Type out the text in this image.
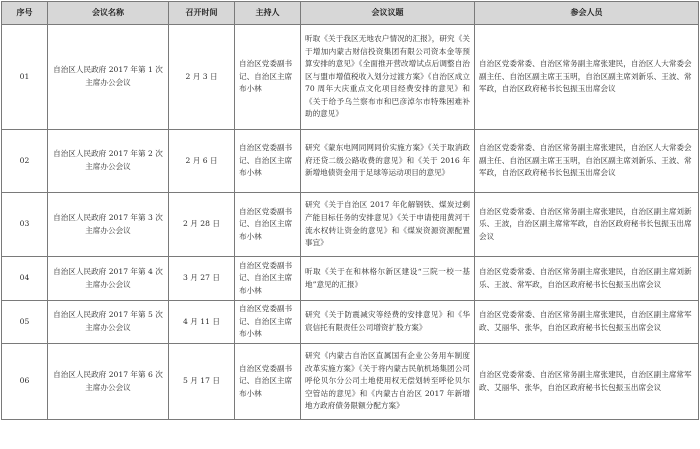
序号	会议名称	召开时间	主持人	会议议题	参会人员
01	自治区人民政府 2017 年第 1 次主席办公会议	2 月 3 日	自治区党委副书记、自治区主席布小林	听取《关于我区无地农户情况的汇报》，研究《关于增加内蒙古财信投资集团有限公司资本金等预算安排的意见》《全面推开营改增试点后调整自治区与盟市增值税收入划分过渡方案》《自治区成立 70 周年大庆重点文化项目经费安排的意见》和《关于给予乌兰察布市和巴彦淖尔市特殊困难补助的意见》	自治区党委常委、自治区常务副主席张建民，自治区人大常委会副主任、自治区副主席王玉明，自治区副主席刘新乐、王波、常军政，自治区政府秘书长包振玉出席会议
02	自治区人民政府 2017 年第 2 次主席办公会议	2 月 6 日	自治区党委副书记、自治区主席布小林	研究《蒙东电网同网同价实施方案》《关于取消政府还贷二级公路收费的意见》和《关于 2016 年新增地债资金用于足球等运动项目的意见》	自治区党委常委、自治区常务副主席张建民，自治区人大常委会副主任、自治区副主席王玉明，自治区副主席刘新乐、王波、常军政，自治区政府秘书长包振玉出席会议
03	自治区人民政府 2017 年第 3 次主席办公会议	2 月 28 日	自治区党委副书记、自治区主席布小林	研究《关于自治区 2017 年化解钢铁、煤炭过剩产能目标任务的安排意见》《关于申请使用黄河干流水权转让资金的意见》和《煤炭资源资源配置事宜》	自治区党委常委、自治区常务副主席张建民，自治区副主席刘新乐、王波，自治区副主席常军政，自治区政府秘书长包振玉出席会议
04	自治区人民政府 2017 年第 4 次主席办公会议	3 月 27 日	自治区党委副书记、自治区主席布小林	听取《关于在和林格尔新区建设“三院一校一基地”意见的汇报》	自治区党委常委、自治区常务副主席张建民，自治区副主席刘新乐、王波、常军政，自治区政府秘书长包振玉出席会议
05	自治区人民政府 2017 年第 5 次主席办公会议	4 月 11 日	自治区党委副书记、自治区主席布小林	研究《关于防震减灾等经费的安排意见》和《华宸信托有限责任公司增资扩股方案》	自治区党委常委、自治区常务副主席张建民，自治区副主席常军政、艾丽华、张华，自治区政府秘书长包振玉出席会议
06	自治区人民政府 2017 年第 6 次主席办公会议	5 月 17 日	自治区党委副书记、自治区主席布小林	研究《内蒙古自治区直属国有企业公务用车制度改革实施方案》《关于将内蒙古民航机场集团公司呼伦贝尔分公司土地使用权无偿划转至呼伦贝尔空管站的意见》和《内蒙古自治区 2017 年新增地方政府债务限额分配方案》	自治区党委常委、自治区常务副主席张建民，自治区副主席常军政、艾丽华、张华，自治区政府秘书长包振玉出席会议
